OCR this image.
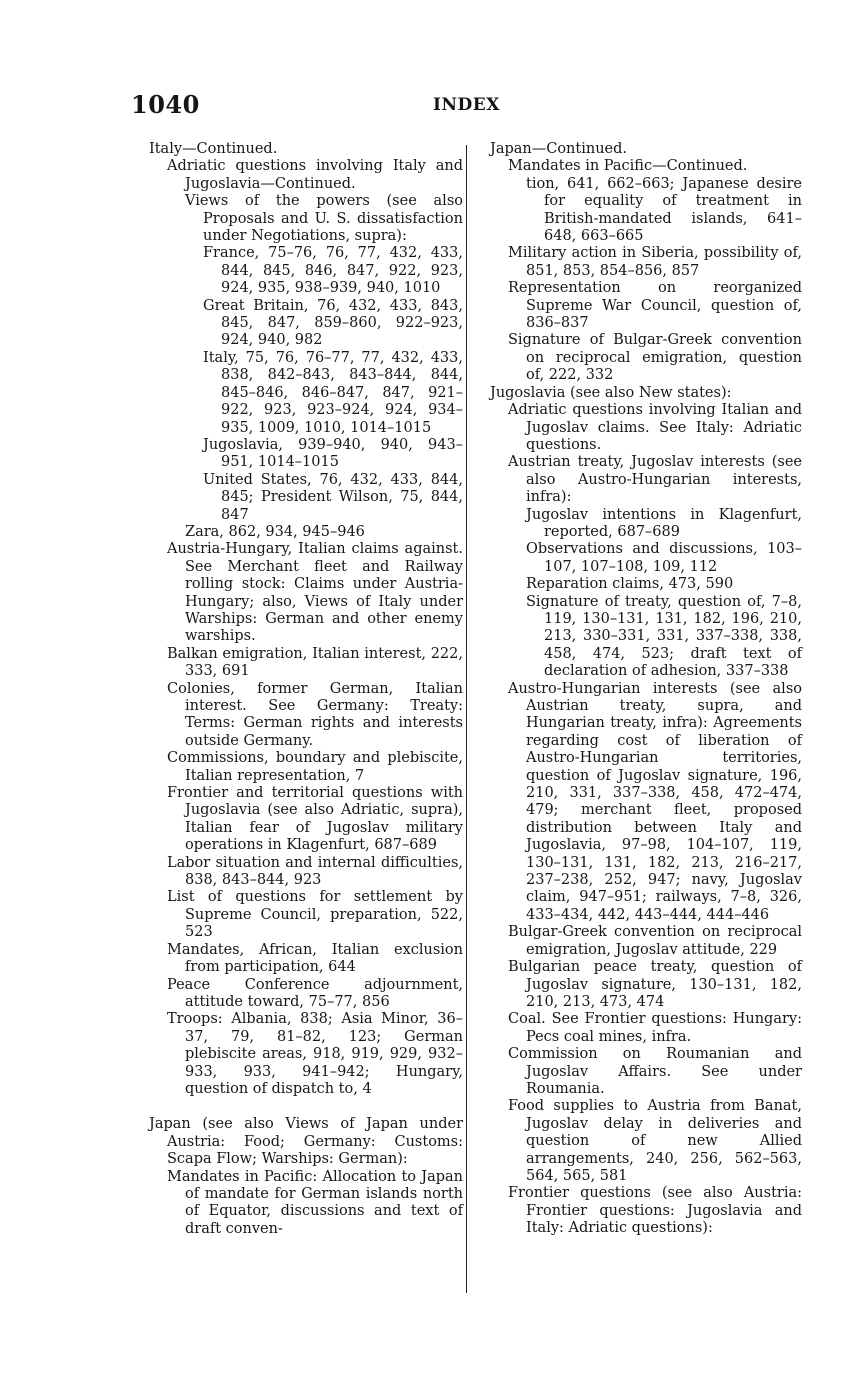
1040	INDEX

Italy—Continued.

Adriatic questions involving Italy and Jugoslavia—Continued.

Views of the powers (see also Proposals and U. S. dissatisfaction under Negotiations, supra):

France, 75–76, 76, 77, 432, 433, 844, 845, 846, 847, 922, 923, 924, 935, 938–939, 940, 1010

Great Britain, 76, 432, 433, 843, 845, 847, 859–860, 922–923, 924, 940, 982

Italy, 75, 76, 76–77, 77, 432, 433, 838, 842–843, 843–844, 844, 845–846, 846–847, 847, 921–922, 923, 923–924, 924, 934–935, 1009, 1010, 1014–1015

Jugoslavia, 939–940, 940, 943–951, 1014–1015

United States, 76, 432, 433, 844, 845; President Wilson, 75, 844, 847

Zara, 862, 934, 945–946

Austria-Hungary, Italian claims against. See Merchant fleet and Railway rolling stock: Claims under Austria-Hungary; also, Views of Italy under Warships: German and other enemy warships.

Balkan emigration, Italian interest, 222, 333, 691

Colonies, former German, Italian interest. See Germany: Treaty: Terms: German rights and interests outside Germany.

Commissions, boundary and plebiscite, Italian representation, 7

Frontier and territorial questions with Jugoslavia (see also Adriatic, supra), Italian fear of Jugoslav military operations in Klagenfurt, 687–689

Labor situation and internal difficulties, 838, 843–844, 923

List of questions for settlement by Supreme Council, preparation, 522, 523

Mandates, African, Italian exclusion from participation, 644

Peace Conference adjournment, attitude toward, 75–77, 856

Troops: Albania, 838; Asia Minor, 36–37, 79, 81–82, 123; German plebiscite areas, 918, 919, 929, 932–933, 933, 941–942; Hungary, question of dispatch to, 4

Japan (see also Views of Japan under Austria: Food; Germany: Customs: Scapa Flow; Warships: German):

Mandates in Pacific: Allocation to Japan of mandate for German islands north of Equator, discussions and text of draft conven-

Japan—Continued.

Mandates in Pacific—Continued.

tion, 641, 662–663; Japanese desire for equality of treatment in British-mandated islands, 641–648, 663–665

Military action in Siberia, possibility of, 851, 853, 854–856, 857

Representation on reorganized Supreme War Council, question of, 836–837

Signature of Bulgar-Greek convention on reciprocal emigration, question of, 222, 332

Jugoslavia (see also New states):

Adriatic questions involving Italian and Jugoslav claims. See Italy: Adriatic questions.

Austrian treaty, Jugoslav interests (see also Austro-Hungarian interests, infra):

Jugoslav intentions in Klagenfurt, reported, 687–689

Observations and discussions, 103–107, 107–108, 109, 112

Reparation claims, 473, 590

Signature of treaty, question of, 7–8, 119, 130–131, 131, 182, 196, 210, 213, 330–331, 331, 337–338, 338, 458, 474, 523; draft text of declaration of adhesion, 337–338

Austro-Hungarian interests (see also Austrian treaty, supra, and Hungarian treaty, infra): Agreements regarding cost of liberation of Austro-Hungarian territories, question of Jugoslav signature, 196, 210, 331, 337–338, 458, 472–474, 479; merchant fleet, proposed distribution between Italy and Jugoslavia, 97–98, 104–107, 119, 130–131, 131, 182, 213, 216–217, 237–238, 252, 947; navy, Jugoslav claim, 947–951; railways, 7–8, 326, 433–434, 442, 443–444, 444–446

Bulgar-Greek convention on reciprocal emigration, Jugoslav attitude, 229

Bulgarian peace treaty, question of Jugoslav signature, 130–131, 182, 210, 213, 473, 474

Coal. See Frontier questions: Hungary: Pecs coal mines, infra.

Commission on Roumanian and Jugoslav Affairs. See under Roumania.

Food supplies to Austria from Banat, Jugoslav delay in deliveries and question of new Allied arrangements, 240, 256, 562–563, 564, 565, 581

Frontier questions (see also Austria: Frontier questions: Jugoslavia and Italy: Adriatic questions):
